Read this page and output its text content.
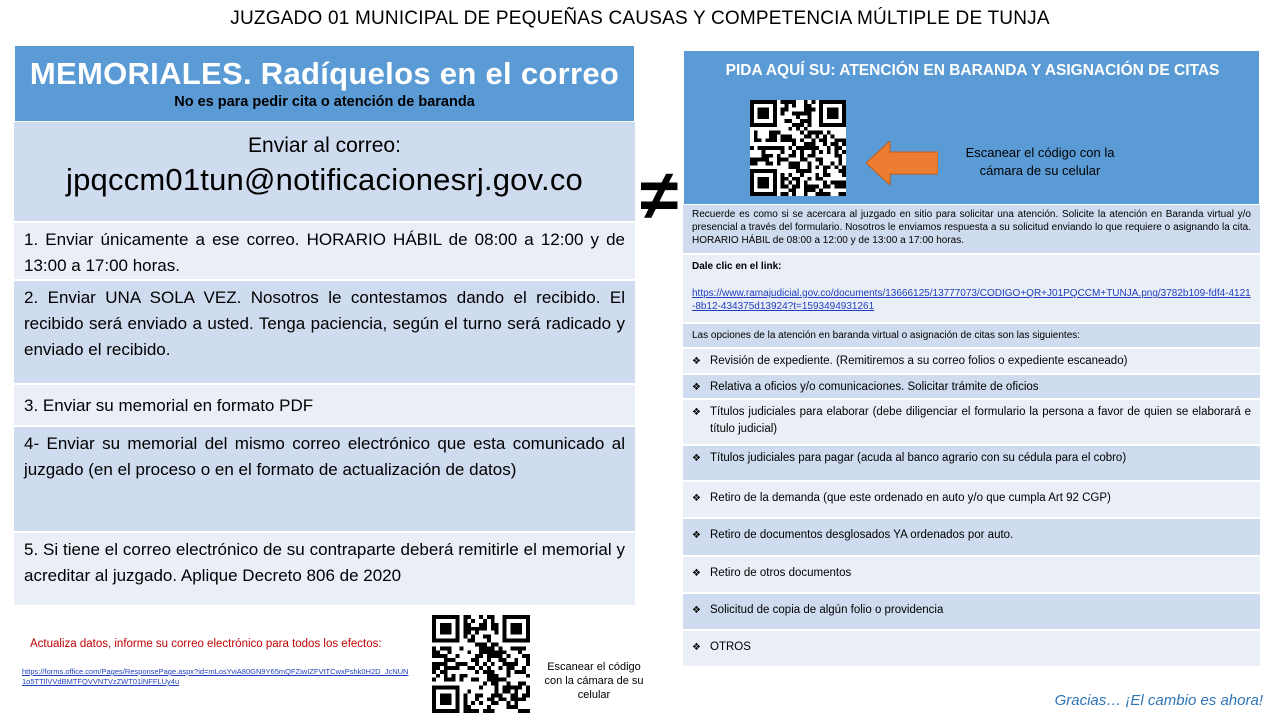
JUZGADO 01 MUNICIPAL DE PEQUEÑAS CAUSAS Y COMPETENCIA MÚLTIPLE DE TUNJA
MEMORIALES. Radíquelos en el correo
No es para pedir cita o atención de baranda
Enviar al correo:
jpqccm01tun@notificacionesrj.gov.co
1. Enviar únicamente a ese correo. HORARIO HÁBIL de 08:00 a 12:00 y de 13:00 a 17:00 horas.
2. Enviar UNA SOLA VEZ. Nosotros le contestamos dando el recibido. El recibido será enviado a usted. Tenga paciencia, según el turno será radicado y enviado el recibido.
3. Enviar su memorial en formato PDF
4- Enviar su memorial del mismo correo electrónico que esta comunicado al juzgado (en el proceso o en el formato de actualización de datos)
5. Si tiene el correo electrónico de su contraparte deberá remitirle el memorial y acreditar al juzgado. Aplique Decreto 806 de 2020
≠
Actualiza datos, informe su correo electrónico para todos los efectos:
https://forms.office.com/Pages/ResponsePage.aspx?id=mLosYviA80GN9Y65mQFZiwIZFVtTCwxPshk0H2D_JcNUN1o5TTIlVVdBMTFQVVNTVzZWT01lNFFLUy4u
Escanear el código con la cámara de su celular
PIDA AQUÍ SU: ATENCIÓN EN BARANDA Y ASIGNACIÓN DE CITAS
Escanear el código con la cámara de su celular
Recuerde es como si se acercara al juzgado en sitio para solicitar una atención. Solicite la atención en Baranda virtual y/o presencial a través del formulario. Nosotros le enviamos respuesta a su solicitud enviando lo que requiere o asignando la cita. HORARIO HÁBIL de 08:00 a 12:00 y de 13:00 a 17:00 horas.
Dale clic en el link:
https://www.ramajudicial.gov.co/documents/13666125/13777073/CODIGO+QR+J01PQCCM+TUNJA.png/3782b109-fdf4-4121-8b12-434375d13924?t=1593494931261
Las opciones de la atención en baranda virtual o asignación de citas son las siguientes:
❖ Revisión de expediente. (Remitiremos a su correo folios o expediente escaneado)
❖ Relativa a oficios y/o comunicaciones. Solicitar trámite de oficios
❖ Títulos judiciales para elaborar (debe diligenciar el formulario la persona a favor de quien se elaborará e título judicial)
❖ Títulos judiciales para pagar (acuda al banco agrario con su cédula para el cobro)
❖ Retiro de la demanda (que este ordenado en auto y/o que cumpla Art 92 CGP)
❖ Retiro de documentos desglosados YA ordenados por auto.
❖ Retiro de otros documentos
❖ Solicitud de copia de algún folio o providencia
❖ OTROS
Gracias… ¡El cambio es ahora!
